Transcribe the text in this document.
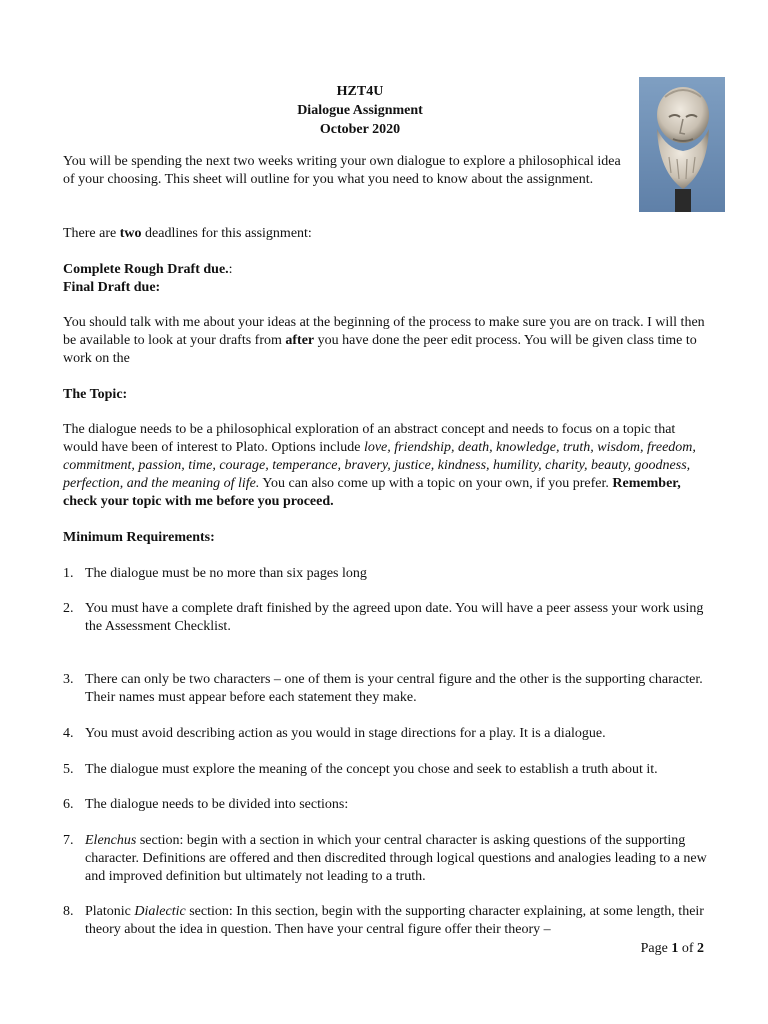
HZT4U
Dialogue Assignment
October 2020

You will be spending the next two weeks writing your own dialogue to explore a philosophical idea of your choosing. This sheet will outline for you what you need to know about the assignment.

There are two deadlines for this assignment:

Complete Rough Draft due.:

Final Draft due:

You should talk with me about your ideas at the beginning of the process to make sure you are on track. I will then be available to look at your drafts from after you have done the peer edit process. You will be given class time to work on the

The Topic:

The dialogue needs to be a philosophical exploration of an abstract concept and needs to focus on a topic that would have been of interest to Plato. Options include love, friendship, death, knowledge, truth, wisdom, freedom, commitment, passion, time, courage, temperance, bravery, justice, kindness, humility, charity, beauty, goodness, perfection, and the meaning of life. You can also come up with a topic on your own, if you prefer. Remember, check your topic with me before you proceed.

Minimum Requirements:

1. The dialogue must be no more than six pages long
2. You must have a complete draft finished by the agreed upon date. You will have a peer assess your work using the Assessment Checklist.
3. There can only be two characters – one of them is your central figure and the other is the supporting character. Their names must appear before each statement they make.
4. You must avoid describing action as you would in stage directions for a play. It is a dialogue.
5. The dialogue must explore the meaning of the concept you chose and seek to establish a truth about it.
6. The dialogue needs to be divided into sections:
7. Elenchus section: begin with a section in which your central character is asking questions of the supporting character. Definitions are offered and then discredited through logical questions and analogies leading to a new and improved definition but ultimately not leading to a truth.
8. Platonic Dialectic section: In this section, begin with the supporting character explaining, at some length, their theory about the idea in question. Then have your central figure offer their theory –
Page 1 of 2
